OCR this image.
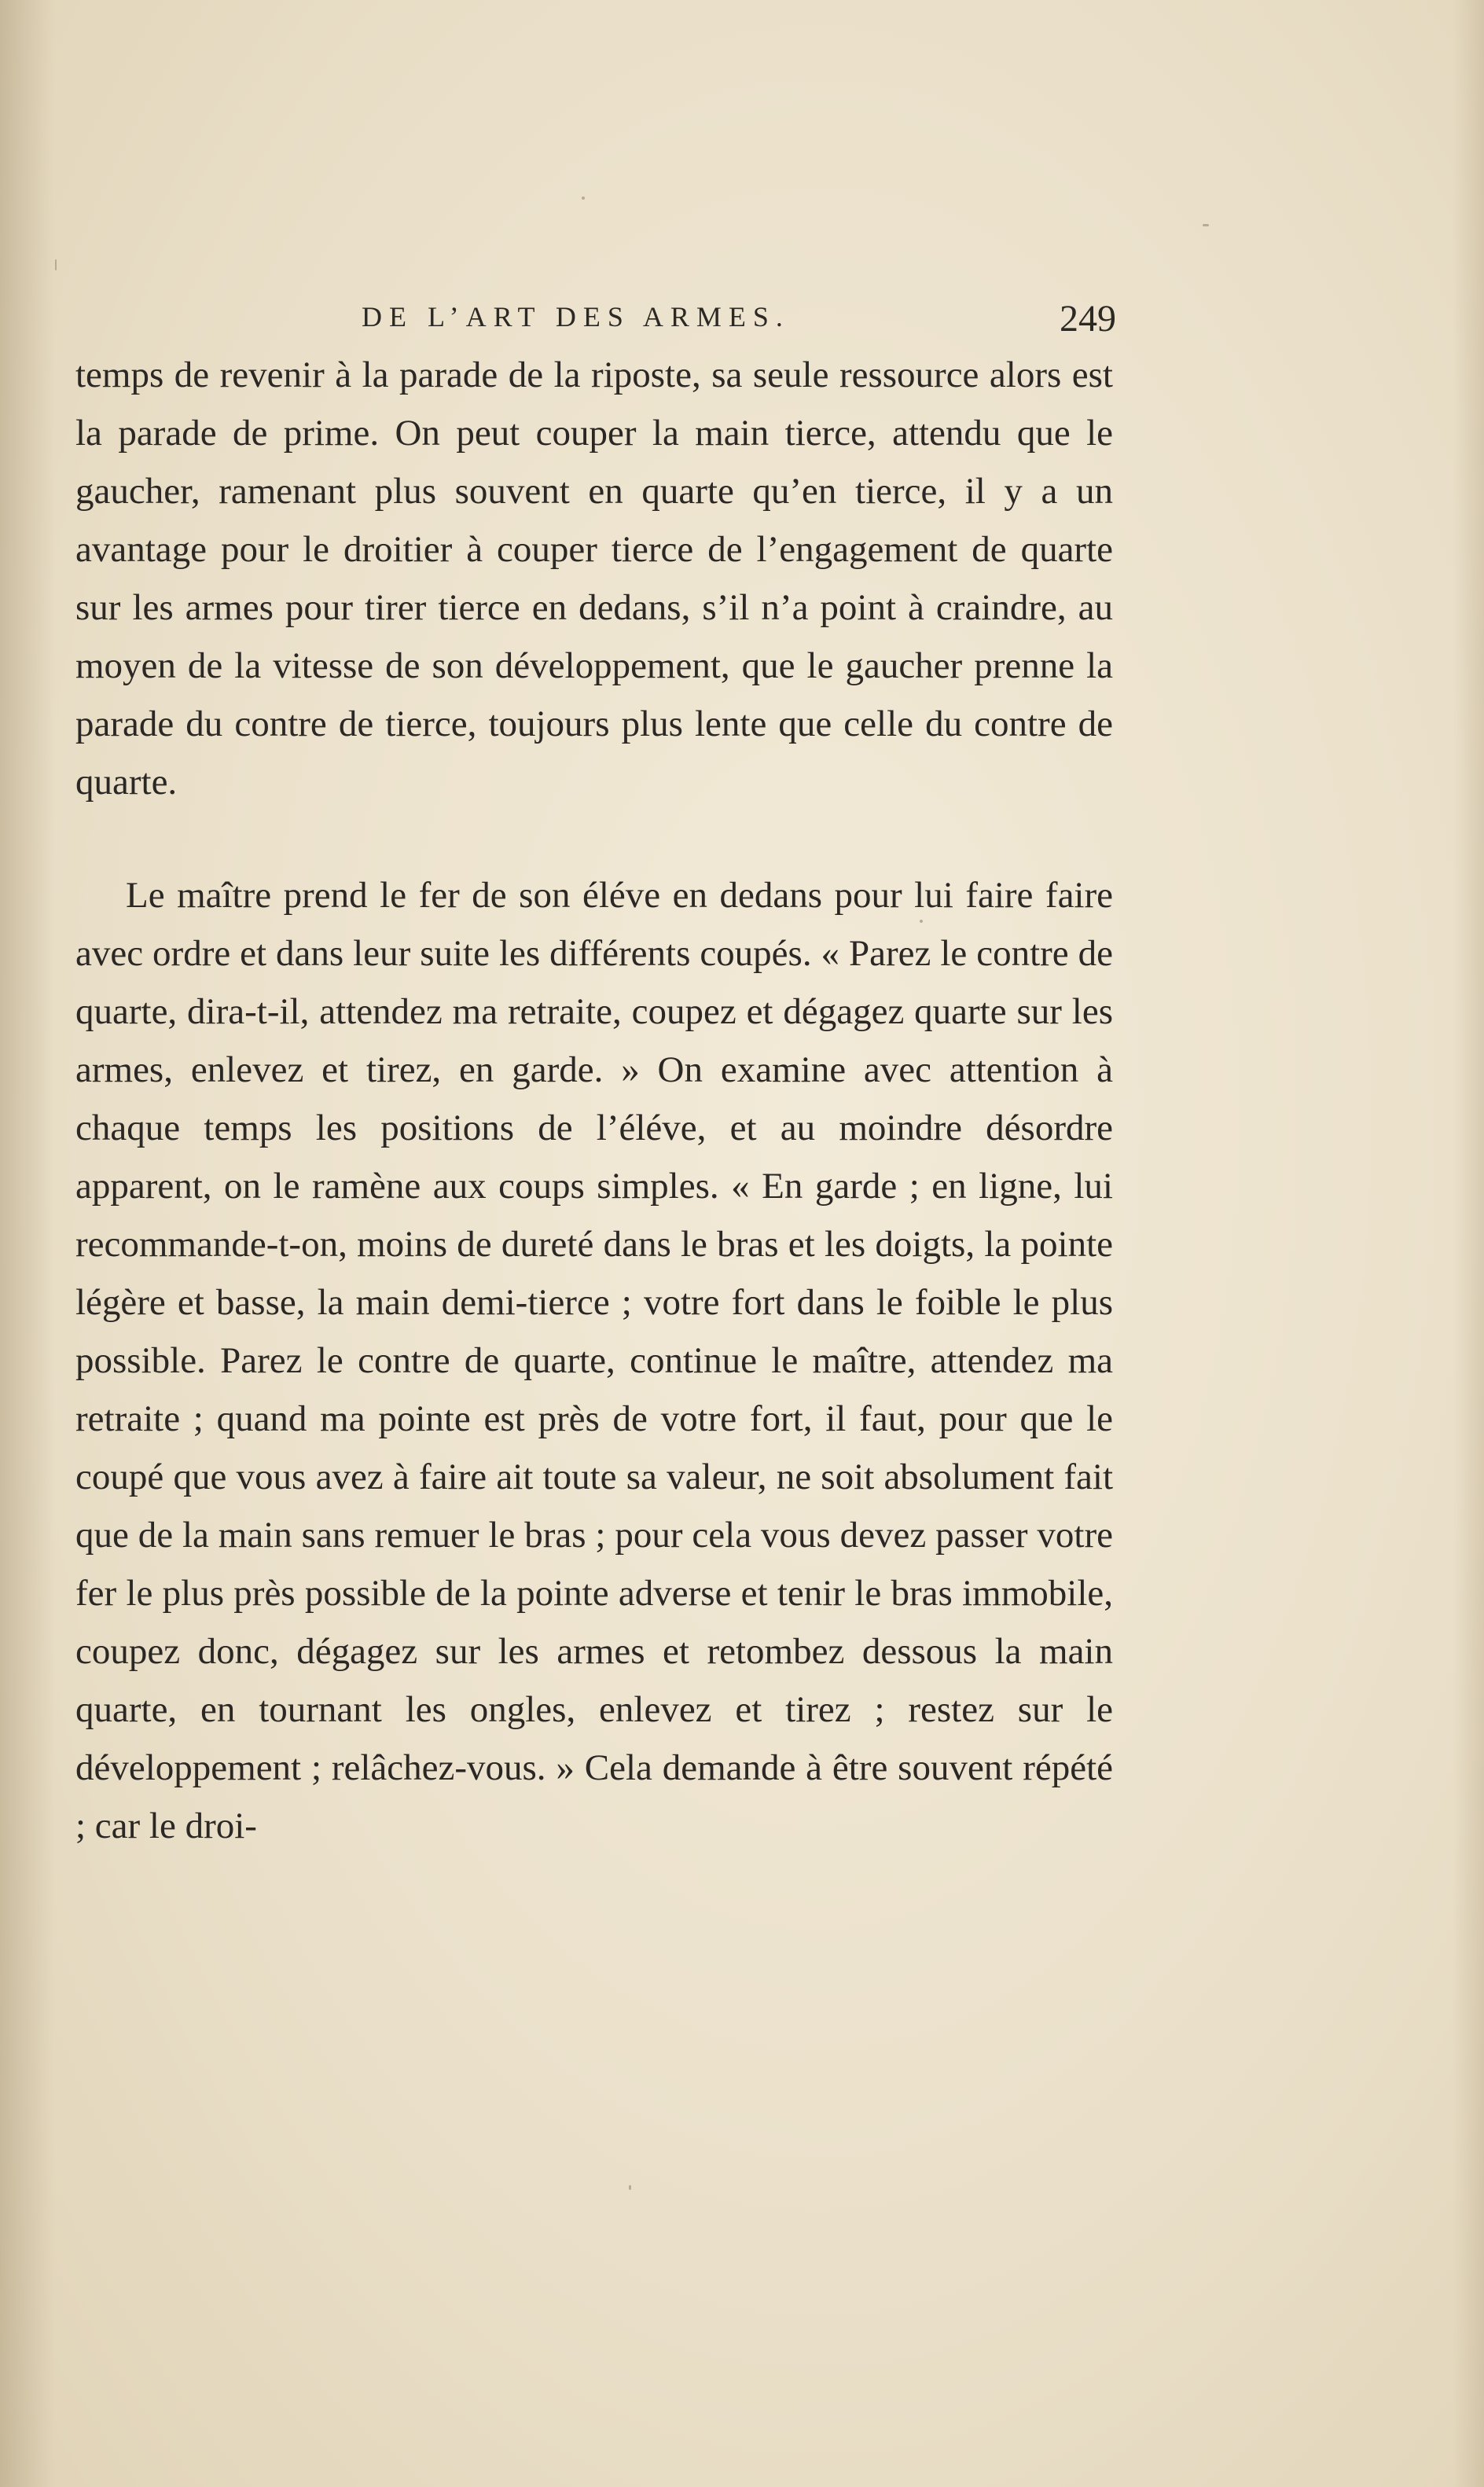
DE L’ART DES ARMES.	249

temps de revenir à la parade de la riposte, sa seule ressource alors est la parade de prime. On peut couper la main tierce, attendu que le gaucher, ramenant plus souvent en quarte qu’en tierce, il y a un avantage pour le droitier à couper tierce de l’engagement de quarte sur les armes pour tirer tierce en dedans, s’il n’a point à craindre, au moyen de la vitesse de son développement, que le gaucher prenne la parade du contre de tierce, toujours plus lente que celle du contre de quarte.

Le maître prend le fer de son éléve en dedans pour lui faire faire avec ordre et dans leur suite les différents coupés. « Parez le contre de quarte, dira-t-il, attendez ma retraite, coupez et dégagez quarte sur les armes, enlevez et tirez, en garde. » On examine avec attention à chaque temps les positions de l’éléve, et au moindre désordre apparent, on le ramène aux coups simples. « En garde ; en ligne, lui recommande-t-on, moins de dureté dans le bras et les doigts, la pointe légère et basse, la main demi-tierce ; votre fort dans le foible le plus possible. Parez le contre de quarte, continue le maître, attendez ma retraite ; quand ma pointe est près de votre fort, il faut, pour que le coupé que vous avez à faire ait toute sa valeur, ne soit absolument fait que de la main sans remuer le bras ; pour cela vous devez passer votre fer le plus près possible de la pointe adverse et tenir le bras immobile, coupez donc, dégagez sur les armes et retombez dessous la main quarte, en tournant les ongles, enlevez et tirez ; restez sur le développement ; relâchez-vous. » Cela demande à être souvent répété ; car le droi-
